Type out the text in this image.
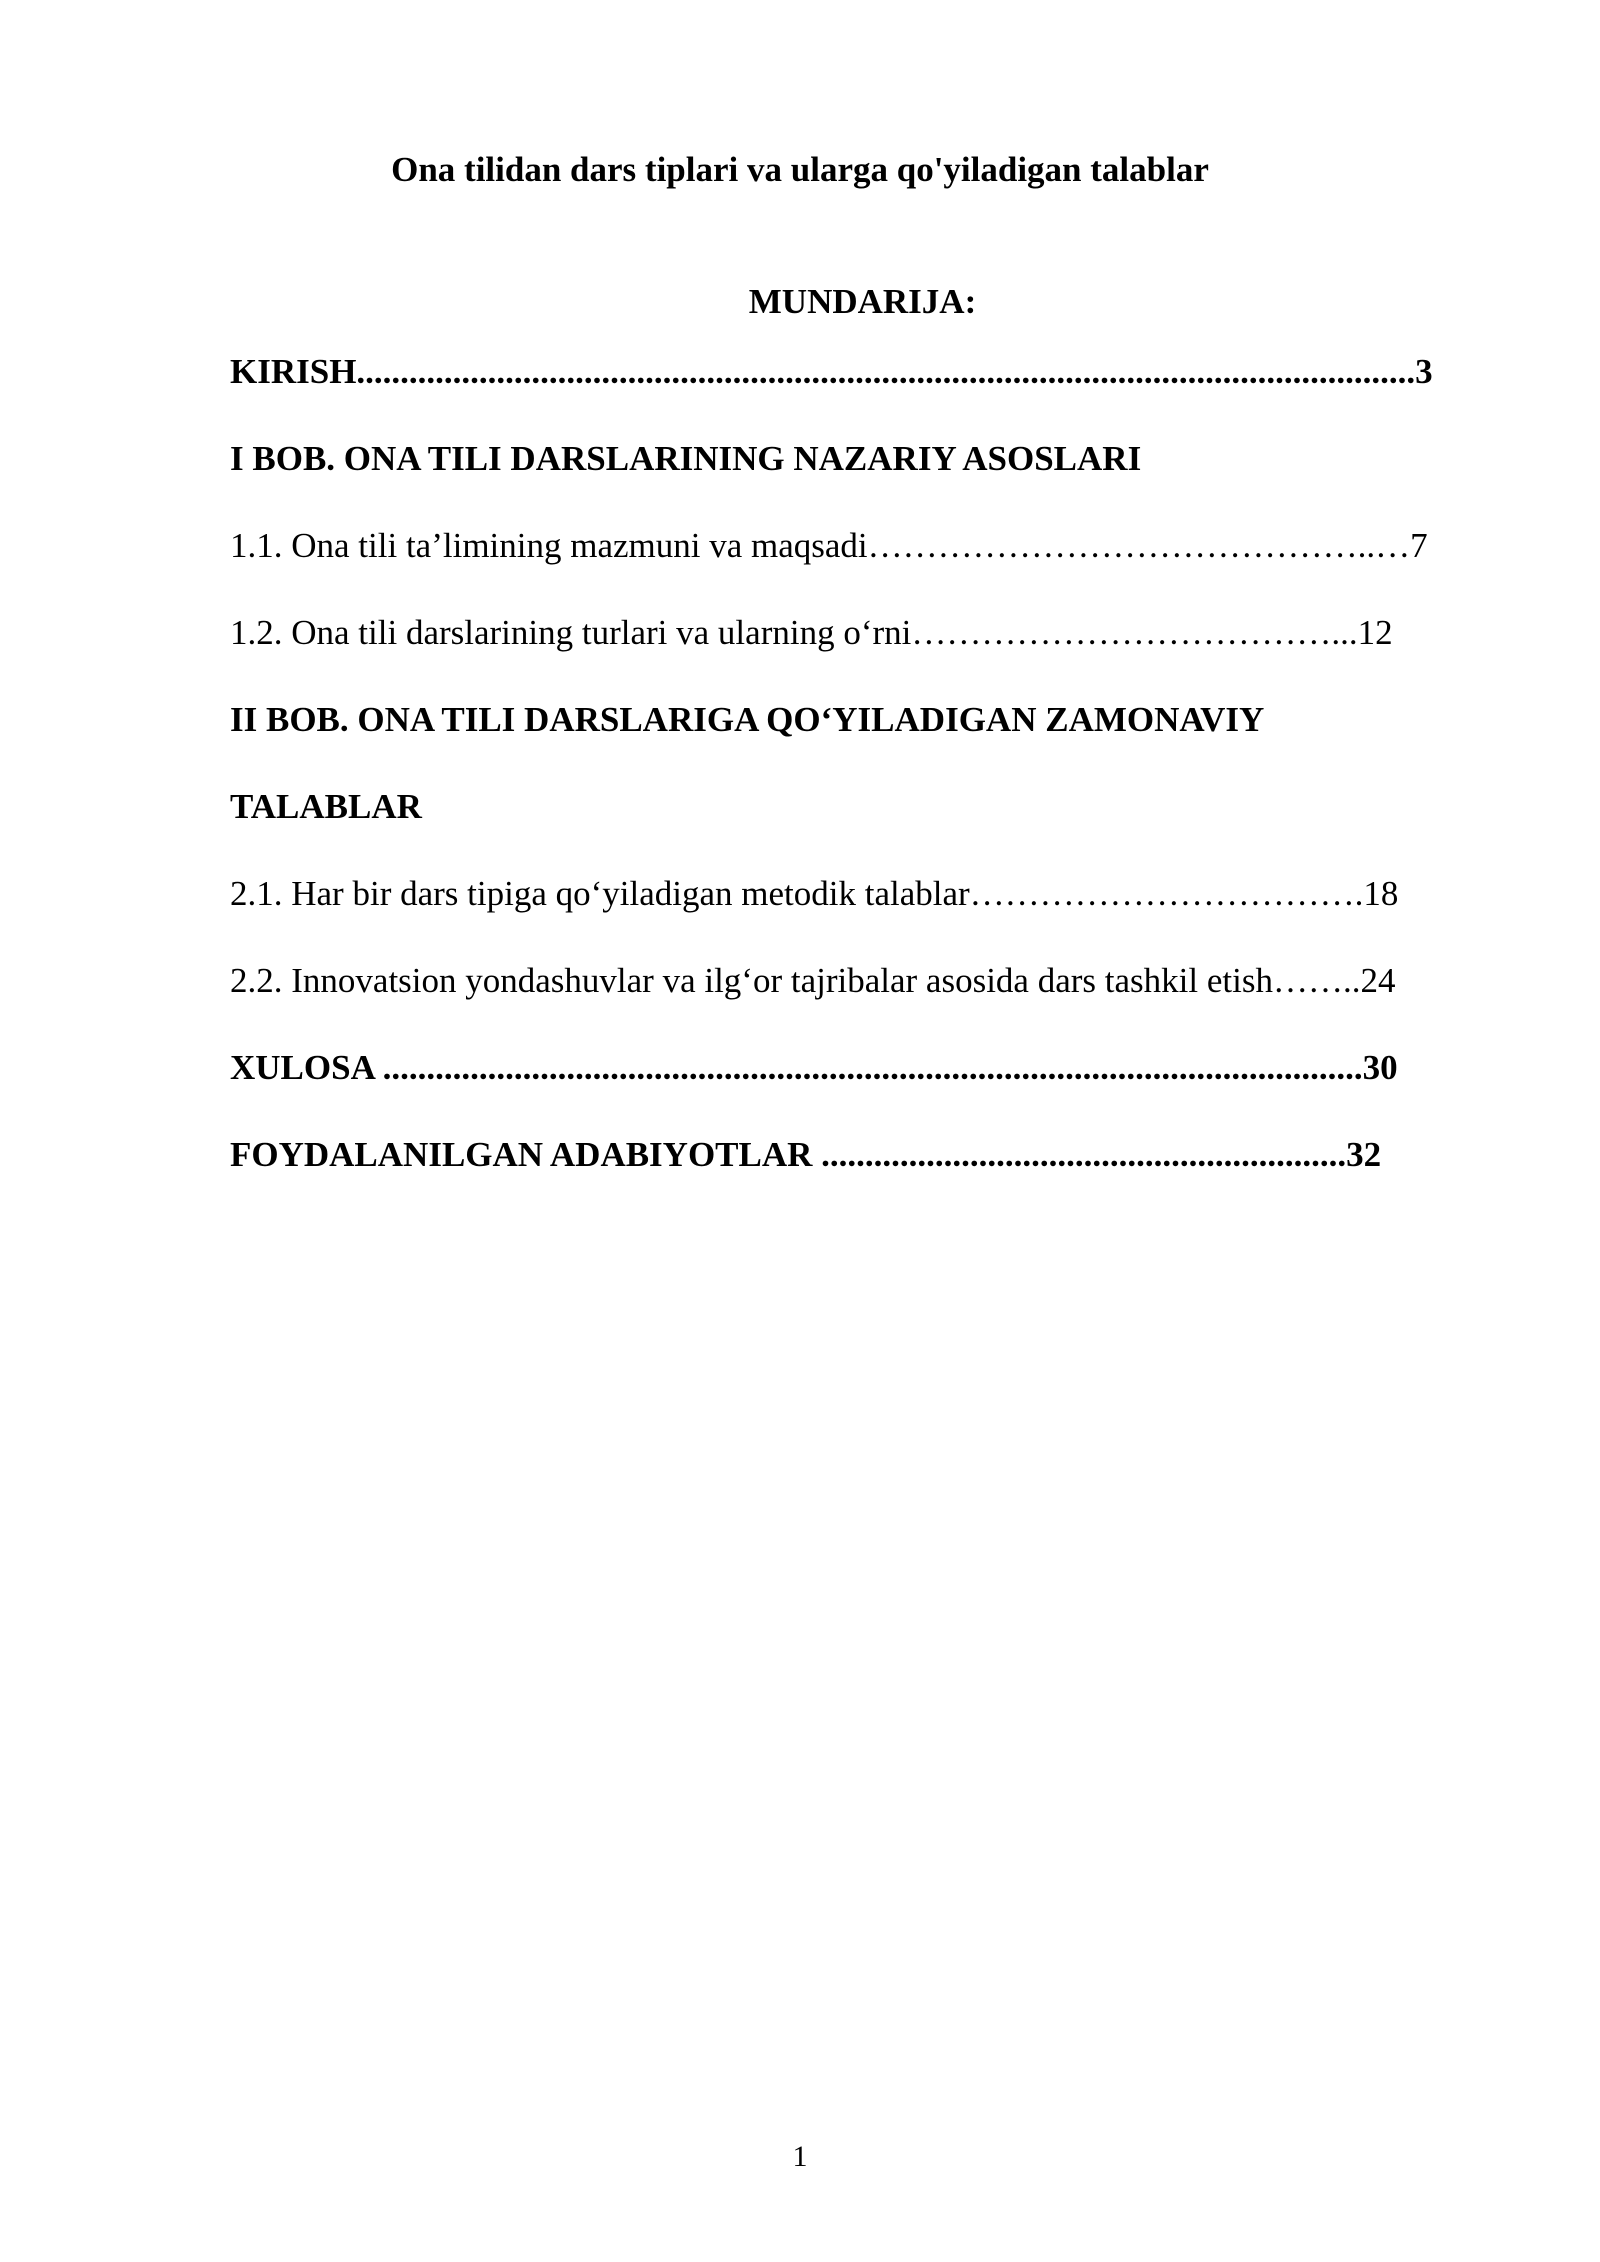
Ona tilidan dars tiplari va ularga qo'yiladigan talablar
MUNDARIJA:
KIRISH.........................................................................................................................3
I BOB. ONA TILI DARSLARINING NAZARIY ASOSLARI
1.1. Ona tili ta’limining mazmuni va maqsadi……………………………………..…7
1.2. Ona tili darslarining turlari va ularning o‘rni………………………………...12
II BOB. ONA TILI DARSLARIGA QO‘YILADIGAN ZAMONAVIY
TALABLAR
2.1. Har bir dars tipiga qo‘yiladigan metodik talablar…………………………….18
2.2. Innovatsion yondashuvlar va ilg‘or tajribalar asosida dars tashkil etish……..24
XULOSA ................................................................................................................30
FOYDALANILGAN ADABIYOTLAR ............................................................32
1
